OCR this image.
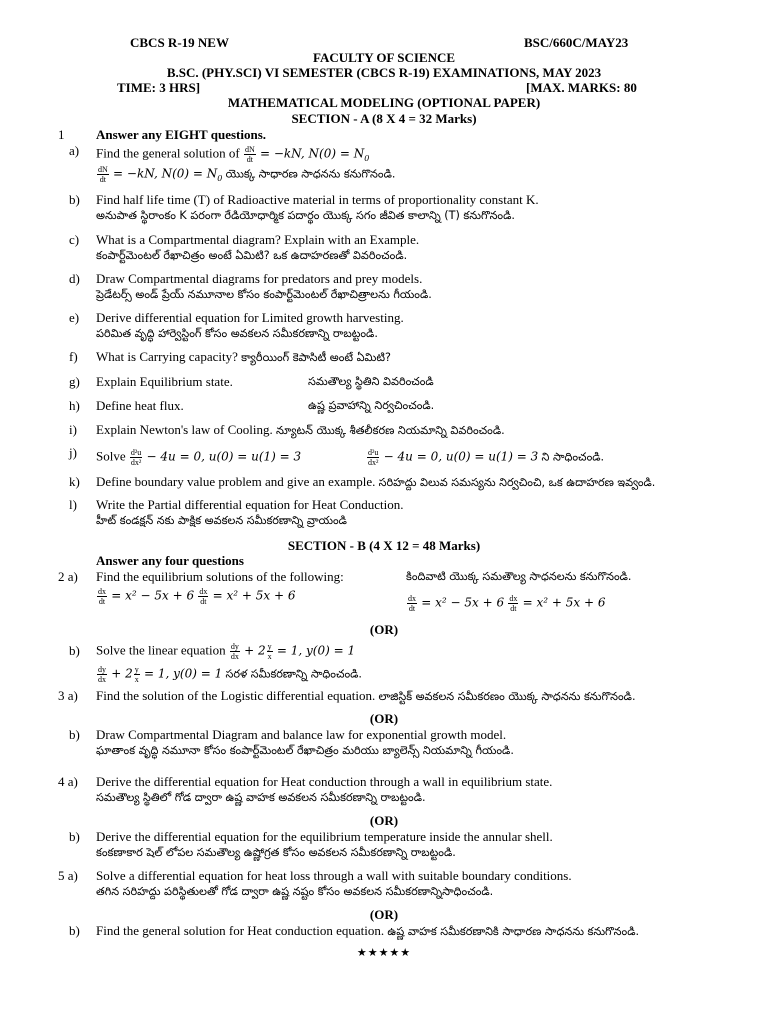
CBCS R-19 NEW	BSC/660C/MAY23
FACULTY OF SCIENCE
B.SC. (PHY.SCI) VI SEMESTER (CBCS R-19) EXAMINATIONS, MAY 2023
TIME: 3 HRS]	[MAX. MARKS: 80
MATHEMATICAL MODELING (OPTIONAL PAPER)
SECTION - A (8 X 4 = 32 Marks)
1 Answer any EIGHT questions.
a) Find the general solution of $\frac{dN}{dt} = -kN$, $N(0) = N_0$
$\frac{dN}{dt} = -kN$, $N(0) = N_0$ యొక్క సాధారణ సాధనను కనుగొనండి.
b) Find half life time (T) of Radioactive material in terms of proportionality constant K.
అనుపాత స్థిరాంకం K పరంగా రేడియోధార్మిక పదార్థం యొక్క సగం జీవిత కాలాన్ని (T) కనుగొనండి.
c) What is a Compartmental diagram? Explain with an Example.
కంపార్ట్‌మెంటల్ రేఖాచిత్రం అంటే ఏమిటి? ఒక ఉదాహరణతో వివరించండి.
d) Draw Compartmental diagrams for predators and prey models.
ప్రెడేటర్స్ అండ్ ప్రేయ్ నమూనాల కోసం కంపార్ట్‌మెంటల్ రేఖాచిత్రాలను గీయండి.
e) Derive differential equation for Limited growth harvesting.
పరిమిత వృద్ధి హార్వెస్టింగ్ కోసం అవకలన సమీకరణాన్ని రాబట్టండి.
f) What is Carrying capacity? క్యారీయింగ్ కెపాసిటీ అంటే ఏమిటి?
g) Explain Equilibrium state.	సమతౌల్య స్థితిని వివరించండి
h) Define heat flux.	ఉష్ణ ప్రవాహాన్ని నిర్వచించండి.
i) Explain Newton's law of Cooling. న్యూటన్ యొక్క శీతలీకరణ నియమాన్ని వివరించండి.
j) Solve $\frac{\text{d²u}}{\text{dx²}} - 4u = 0$, u(0) = u(1) = 3	$\frac{\text{d²u}}{\text{dx²}} - 4u = 0$, u(0) = u(1) = 3 ని సాధించండి.
k) Define boundary value problem and give an example. సరిహద్దు విలువ సమస్యను నిర్వచించి, ఒక ఉదాహరణ ఇవ్వండి.
l) Write the Partial differential equation for Heat Conduction.
హీట్ కండక్షన్ నకు పాక్షిక అవకలన సమీకరణాన్ని వ్రాయండి
SECTION - B (4 X 12 = 48 Marks)
Answer any four questions
2 a) Find the equilibrium solutions of the following:	కిందివాటి యొక్క సమతౌల్య సాధనలను కనుగొనండి.
$\frac{dx}{dt} = x^2 - 5x + 6 \frac{dx}{dt} = x^2 + 5x + 6$	$\frac{dx}{dt} = x^2 - 5x + 6 \frac{dx}{dt} = x^2 + 5x + 6$
(OR)
b) Solve the linear equation $\frac{dy}{dx} + 2 \frac{y}{x} = 1$, y(0) = 1
$\frac{dy}{dx} + 2 \frac{y}{x} = 1$, y(0) = 1 సరళ సమీకరణాన్ని సాధించండి.
3 a) Find the solution of the Logistic differential equation. లాజిస్టిక్ అవకలన సమీకరణం యొక్క సాధనను కనుగొనండి.
(OR)
b) Draw Compartmental Diagram and balance law for exponential growth model.
ఘాతాంక వృద్ధి నమూనా కోసం కంపార్ట్‌మెంటల్ రేఖాచిత్రం మరియు బ్యాలెన్స్ నియమాన్ని గీయండి.
4 a) Derive the differential equation for Heat conduction through a wall in equilibrium state.
సమతౌల్య స్థితిలో గోడ ద్వారా ఉష్ణ వాహక అవకలన సమీకరణాన్ని రాబట్టండి.
(OR)
b) Derive the differential equation for the equilibrium temperature inside the annular shell.
కంకణాకార షెల్ లోపల సమతౌల్య ఉష్ణోగ్రత కోసం అవకలన సమీకరణాన్ని రాబట్టండి.
5 a) Solve a differential equation for heat loss through a wall with suitable boundary conditions.
తగిన సరిహద్దు పరిస్థితులతో గోడ ద్వారా ఉష్ణ నష్టం కోసం అవకలన సమీకరణాన్నిసాధించండి.
(OR)
b) Find the general solution for Heat conduction equation. ఉష్ణ వాహక సమీకరణానికి సాధారణ సాధనను కనుగొనండి.
★★★★★
